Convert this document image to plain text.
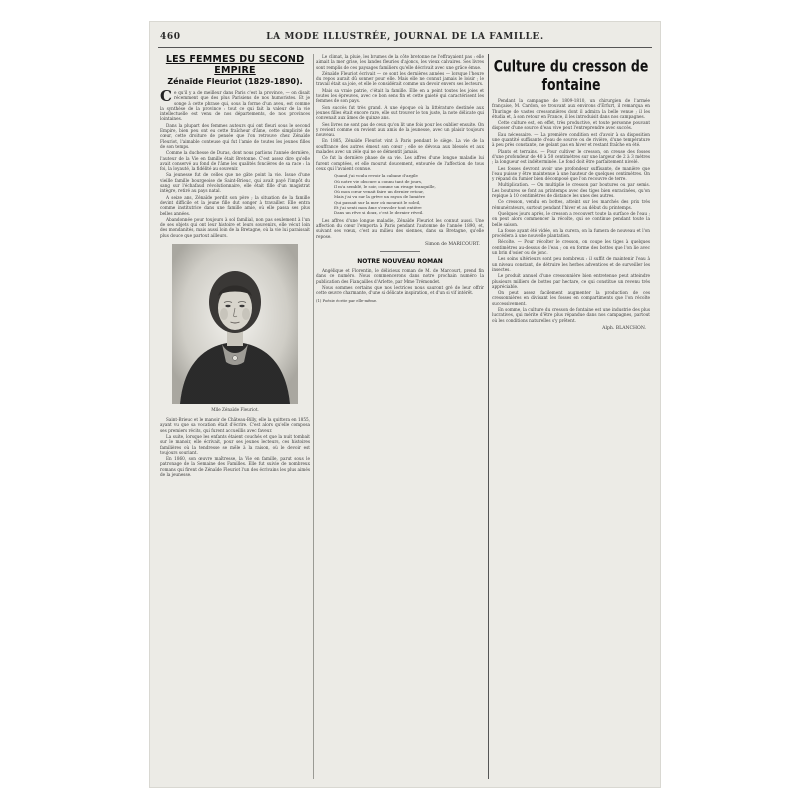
460	LA MODE ILLUSTRÉE, JOURNAL DE LA FAMILLE.
LES FEMMES DU SECOND EMPIRE
Zénaïde Fleuriot (1829-1890).

C e qu'il y a de meilleur dans Paris c'est la province, — on disait récemment que des plus Parisiens de nos humoristes. Et je songe à cette phrase qui, sous la forme d'un aveu, est comme la synthèse de la province : tout ce qui fait la valeur de la vie intellectuelle est venu de nos départements, de nos provinces lointaines.

Dans la plupart des femmes auteurs qui ont fleuri sous le second Empire, bien peu ont eu cette fraîcheur d'âme, cette simplicité de cœur, cette droiture de pensée que l'on retrouve chez Zénaïde Fleuriot, l'aimable conteuse qui fut l'amie de toutes les jeunes filles de son temps.

Comme la duchesse de Duras, dont nous parlions l'année dernière, l'auteur de la Vie en famille était Bretonne. C'est assez dire qu'elle avait conservé au fond de l'âme les qualités foncières de sa race : la foi, la loyauté, la fidélité au souvenir.

Sa jeunesse fut de celles que ne gâte point la vie. Issue d'une vieille famille bourgeoise de Saint-Brieuc, qui avait payé l'impôt du sang sur l'échafaud révolutionnaire, elle était fille d'un magistrat intègre, retiré au pays natal.

A seize ans, Zénaïde perdit son père ; la situation de la famille devint difficile et la jeune fille dut songer à travailler. Elle entra comme institutrice dans une famille amie, où elle passa ses plus belles années.

Abandonnée pour toujours à sol familial, non pas seulement à l'un de ses objets qui ont leur histoire et leurs souvenirs, elle vécut loin des mondanités, mais aussi loin de la Bretagne, où la vie lui paraissait plus douce que partout ailleurs.

Mlle Zénaïde Fleuriot.

Saint-Brieuc et le manoir de Château-Billy, elle la quittera en 1855, ayant vu que sa vocation était d'écrire. C'est alors qu'elle composa ses premiers récits, qui furent accueillis avec faveur.

La suite, lorsque les enfants étaient couchés et que la nuit tombait sur le manoir, elle écrivait, pour ses jeunes lecteurs, ces histoires familières où la tendresse se mêle à la raison, où le devoir est toujours souriant.

En 1860, son œuvre maîtresse, la Vie en famille, parut sous le patronage de la Semaine des Familles. Elle fut suivie de nombreux romans qui firent de Zénaïde Fleuriot l'un des écrivains les plus aimés de la jeunesse.

Le climat, la pluie, les brumes de la côte bretonne ne l'effrayaient pas : elle aimait la mer grise, les landes fleuries d'ajoncs, les vieux calvaires. Ses livres sont remplis de ces paysages familiers qu'elle décrivait avec une grâce émue.

Zénaïde Fleuriot écrivait — ce sont les dernières années — lorsque l'heure du repos aurait dû sonner pour elle. Mais elle ne connut jamais le loisir ; le travail était sa joie, et elle le considérait comme un devoir envers ses lecteurs.

Mais sa vraie patrie, c'était la famille. Elle en a peint toutes les joies et toutes les épreuves, avec ce bon sens fin et cette gaieté qui caractérisent les femmes de son pays.

Son succès fut très grand. A une époque où la littérature destinée aux jeunes filles était encore rare, elle sut trouver le ton juste, la note délicate qui convenait aux âmes de quinze ans.

Ses livres ne sont pas de ceux qu'on lit une fois pour les oublier ensuite. On y revient comme on revient aux amis de la jeunesse, avec un plaisir toujours nouveau.

En 1885, Zénaïde Fleuriot vint à Paris pendant le siège. La vie de la souffrance des autres émeut son cœur ; elle se dévoua aux blessés et aux malades avec un zèle qui ne se démentit jamais.

Ce fut la dernière phase de sa vie. Les affres d'une longue maladie lui furent comptées, et elle mourut doucement, entourée de l'affection de tous ceux qui l'avaient connue.

Quand j'ai voulu revoir la cabane d'argile
Où notre vie obscure a connu tant de jours,
Il m'a semblé, le soir, comme un rivage tranquille,
Où mon cœur venait faire un dernier retour,
Mais j'ai vu sur la grève un rayon de lumière
Qui passait sur la mer où mourait le soleil,
Et j'ai senti mon âme s'envoler tout entière
Dans un rêve si doux, c'est le dernier réveil.

Les affres d'une longue maladie, Zénaïde Fleuriot les connut aussi. Une affection du cœur l'emporta à Paris pendant l'automne de l'année 1890, et, suivant ses vœux, c'est au milieu des siennes, dans sa Bretagne, qu'elle repose.

Simon de MARICOURT.
NOTRE NOUVEAU ROMAN

Angélique et Florentin, le délicieux roman de M. de Marcourt, prend fin dans ce numéro. Nous commencerons dans notre prochain numéro la publication des Fiançailles d'Arlette, par Mme Trémondet.

Nous sommes certains que nos lectrices nous sauront gré de leur offrir cette œuvre charmante, d'une si délicate inspiration, et d'un si vif intérêt.

(1) Poésie écrite par elle-même.
Culture du cresson de fontaine

Pendant la campagne de 1809-1810, un chirurgien de l'armée française, M. Cardon, se trouvant aux environs d'Erfurt, il remarqua en Thuringe de vastes cressonnières dont il admira la belle venue ; il les étudia et, à son retour en France, il les introduisit dans nos campagnes.

Cette culture est, en effet, très productive, et toute personne pouvant disposer d'une source d'eau vive peut l'entreprendre avec succès.

Eau nécessaire. — La première condition est d'avoir à sa disposition une quantité suffisante d'eau de source ou de rivière, d'une température à peu près constante, ne gelant pas en hiver et restant fraîche en été.

Plants et terrains. — Pour cultiver le cresson, on creuse des fosses d'une profondeur de 40 à 50 centimètres sur une largeur de 2 à 3 mètres ; la longueur est indéterminée. Le fond doit être parfaitement nivelé.

Les fosses devront avoir une profondeur suffisante, de manière que l'eau puisse y être maintenue à une hauteur de quelques centimètres. On y répand du fumier bien décomposé que l'on recouvre de terre.

Multiplication. — On multiplie le cresson par boutures ou par semis. Les boutures se font au printemps avec des tiges bien enracinées, qu'on repique à 10 centimètres de distance les unes des autres.

Ce cresson, vendu en bottes, atteint sur les marchés des prix très rémunérateurs, surtout pendant l'hiver et au début du printemps.

Quelques jours après, le cresson a recouvert toute la surface de l'eau ; on peut alors commencer la récolte, qui se continue pendant toute la belle saison.

La fosse ayant été vidée, on la curera, on la fumera de nouveau et l'on procédera à une nouvelle plantation.

Récolte. — Pour récolter le cresson, on coupe les tiges à quelques centimètres au-dessus de l'eau ; on en forme des bottes que l'on lie avec un brin d'osier ou de jonc.

Les soins ultérieurs sont peu nombreux : il suffit de maintenir l'eau à un niveau constant, de détruire les herbes adventices et de surveiller les insectes.

Le produit annuel d'une cressonnière bien entretenue peut atteindre plusieurs milliers de bottes par hectare, ce qui constitue un revenu très appréciable.

On peut assez facilement augmenter la production de ces cressonnières en divisant les fosses en compartiments que l'on récolte successivement.

En somme, la culture du cresson de fontaine est une industrie des plus lucratives, qui mérite d'être plus répandue dans nos campagnes, partout où les conditions naturelles s'y prêtent.

Alph. BLANCHON.
